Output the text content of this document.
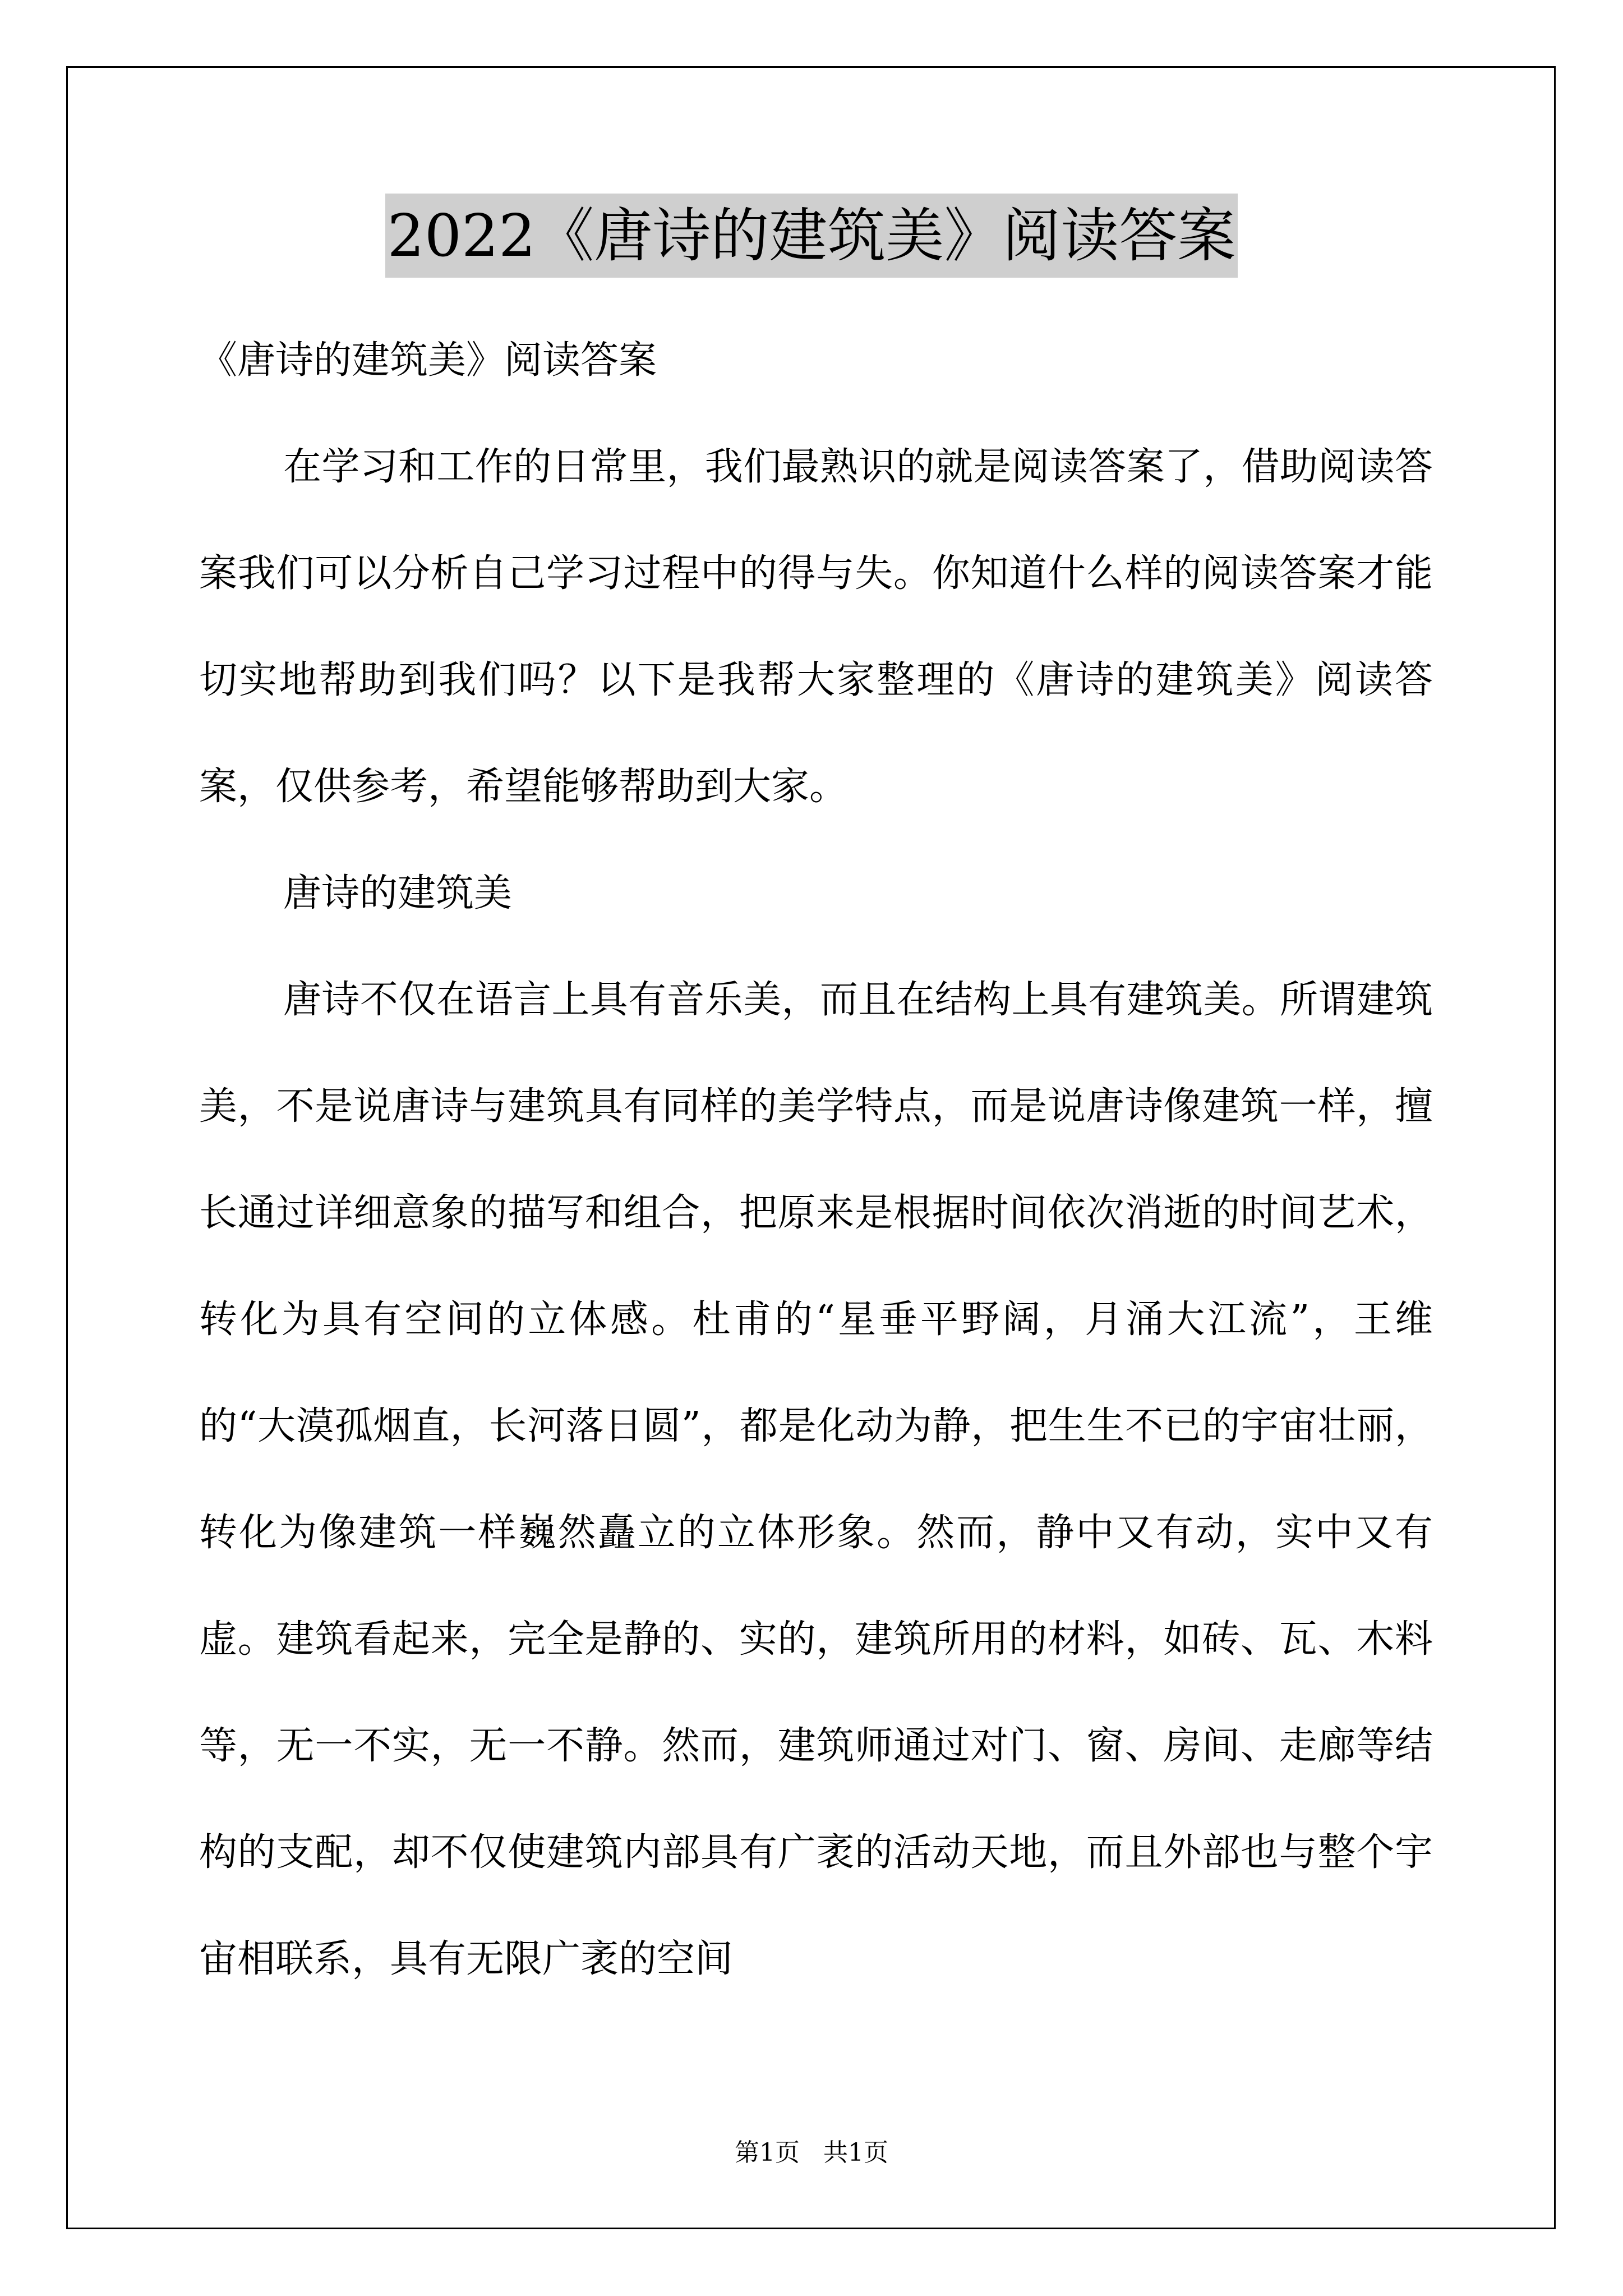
2022《唐诗的建筑美》阅读答案

《唐诗的建筑美》阅读答案

在学习和工作的日常里，我们最熟识的就是阅读答案了，借助阅读答案我们可以分析自己学习过程中的得与失。你知道什么样的阅读答案才能切实地帮助到我们吗？以下是我帮大家整理的《唐诗的建筑美》阅读答案，仅供参考，希望能够帮助到大家。

唐诗的建筑美

唐诗不仅在语言上具有音乐美，而且在结构上具有建筑美。所谓建筑美，不是说唐诗与建筑具有同样的美学特点，而是说唐诗像建筑一样，擅长通过详细意象的描写和组合，把原来是根据时间依次消逝的时间艺术，转化为具有空间的立体感。杜甫的“星垂平野阔，月涌大江流”，王维的“大漠孤烟直，长河落日圆”，都是化动为静，把生生不已的宇宙壮丽，转化为像建筑一样巍然矗立的立体形象。然而，静中又有动，实中又有虚。建筑看起来，完全是静的、实的，建筑所用的材料，如砖、瓦、木料等，无一不实，无一不静。然而，建筑师通过对门、窗、房间、走廊等结构的支配，却不仅使建筑内部具有广袤的活动天地，而且外部也与整个宇宙相联系，具有无限广袤的空间

第1页   共1页
